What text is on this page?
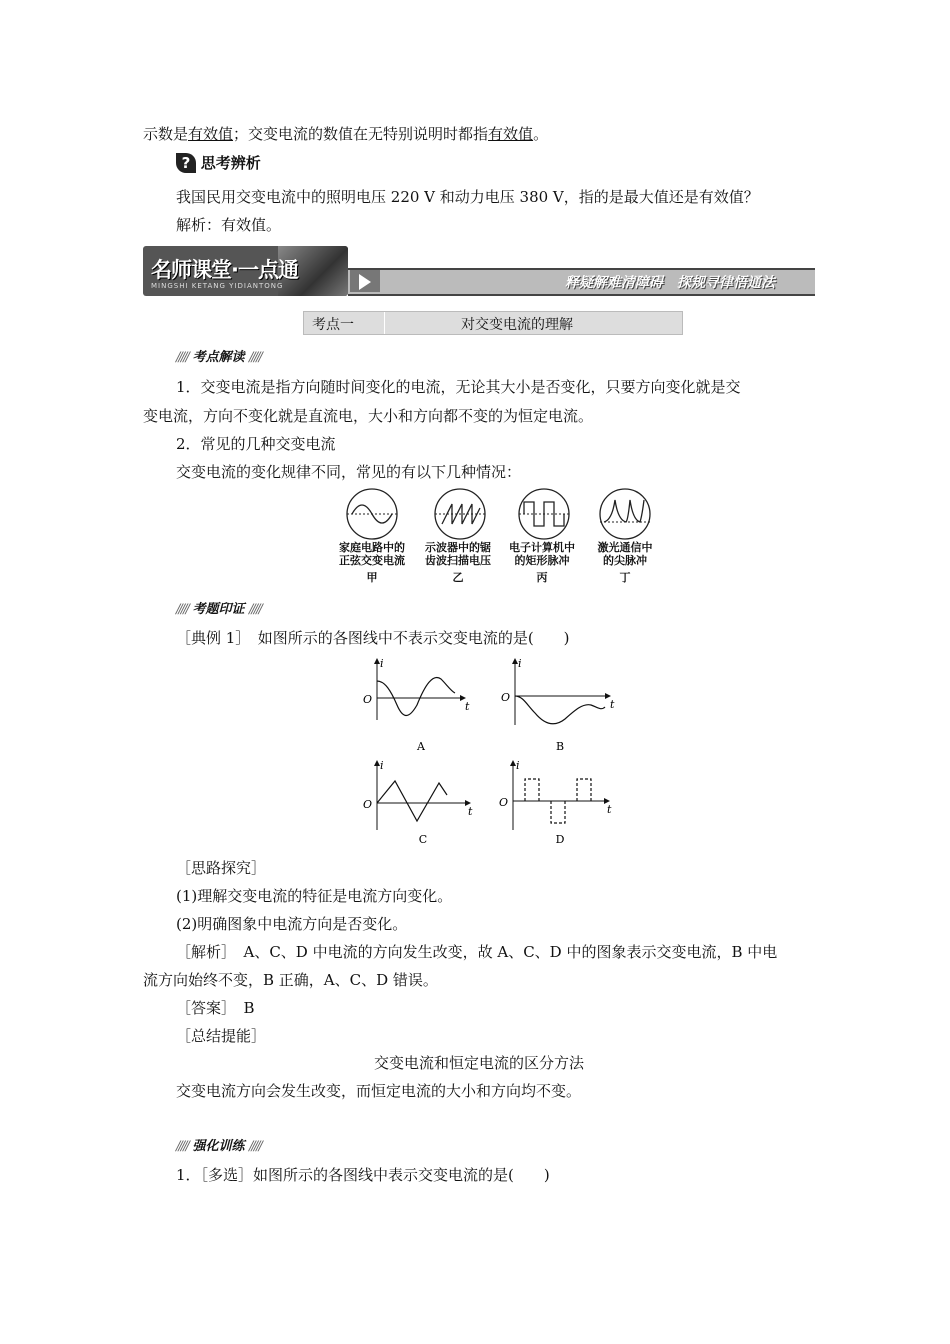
示数是有效值；交变电流的数值在无特别说明时都指有效值。
? 思考辨析
我国民用交变电流中的照明电压 220 V 和动力电压 380 V，指的是最大值还是有效值？
解析：有效值。
名师课堂·一点通
MINGSHI KETANG YIDIANTONG	释疑解难清障碍　探规寻律悟通法
考点一	对交变电流的理解
///// 考点解读 /////
1．交变电流是指方向随时间变化的电流，无论其大小是否变化，只要方向变化就是交
变电流，方向不变化就是直流电，大小和方向都不变的为恒定电流。
2．常见的几种交变电流
交变电流的变化规律不同，常见的有以下几种情况：
家庭电路中的
正弦交变电流
甲
示波器中的锯
齿波扫描电压
乙
电子计算机中
的矩形脉冲
丙
激光通信中
的尖脉冲
丁
///// 考题印证 /////
［典例 1］　如图所示的各图线中不表示交变电流的是(　　)
i
t
O
A
i
t
O
B
i
t
O
C
i
t
O
D
［思路探究］
(1)理解交变电流的特征是电流方向变化。
(2)明确图象中电流方向是否变化。
［解析］　A、C、D 中电流的方向发生改变，故 A、C、D 中的图象表示交变电流，B 中电
流方向始终不变，B 正确，A、C、D 错误。
［答案］　B
［总结提能］
交变电流和恒定电流的区分方法
交变电流方向会发生改变，而恒定电流的大小和方向均不变。
///// 强化训练 /////
1．［多选］如图所示的各图线中表示交变电流的是(　　)
